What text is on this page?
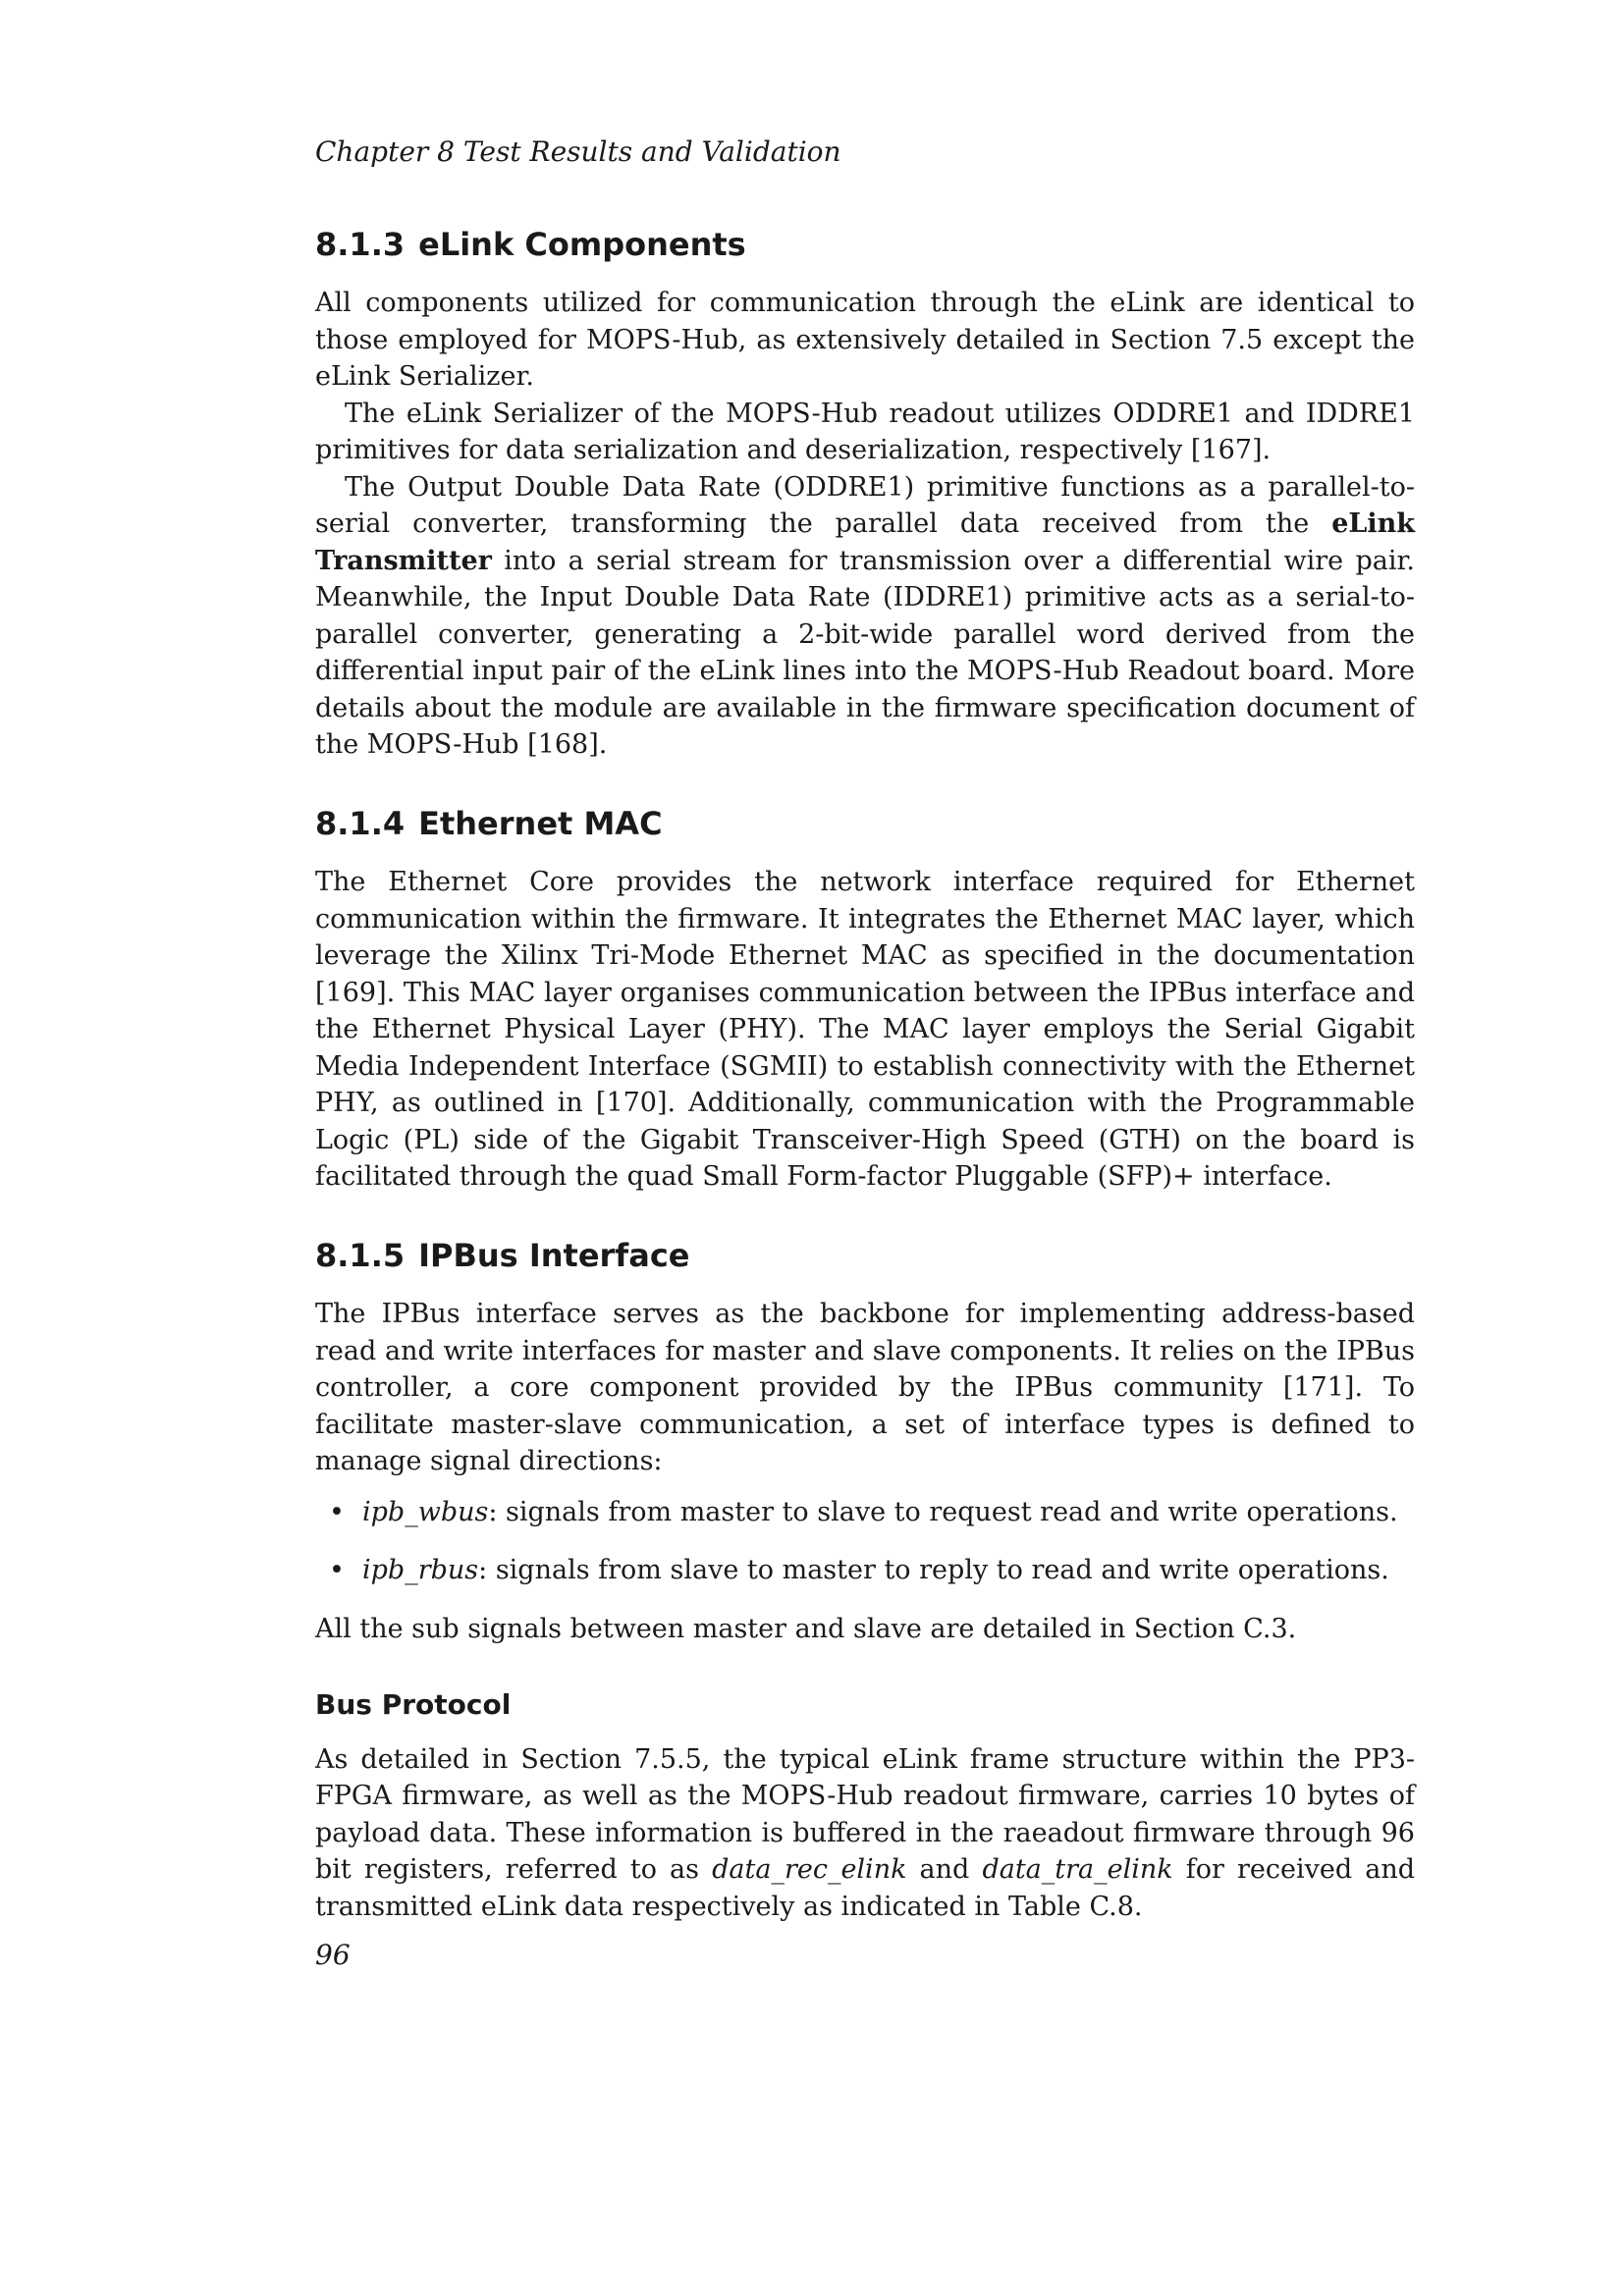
Chapter 8 Test Results and Validation
8.1.3 eLink Components

All components utilized for communication through the eLink are identical to those employed for MOPS-Hub, as extensively detailed in Section 7.5 except the eLink Serializer.

The eLink Serializer of the MOPS-Hub readout utilizes ODDRE1 and IDDRE1 primitives for data serialization and deserialization, respectively [167].

The Output Double Data Rate (ODDRE1) primitive functions as a parallel-to-serial converter, transforming the parallel data received from the eLink Transmitter into a serial stream for transmission over a differential wire pair. Meanwhile, the Input Double Data Rate (IDDRE1) primitive acts as a serial-to-parallel converter, generating a 2-bit-wide parallel word derived from the differential input pair of the eLink lines into the MOPS-Hub Readout board. More details about the module are available in the firmware specification document of the MOPS-Hub [168].

8.1.4 Ethernet MAC

The Ethernet Core provides the network interface required for Ethernet communication within the firmware. It integrates the Ethernet MAC layer, which leverage the Xilinx Tri-Mode Ethernet MAC as specified in the documentation [169]. This MAC layer organises communication between the IPBus interface and the Ethernet Physical Layer (PHY). The MAC layer employs the Serial Gigabit Media Independent Interface (SGMII) to establish connectivity with the Ethernet PHY, as outlined in [170]. Additionally, communication with the Programmable Logic (PL) side of the Gigabit Transceiver-High Speed (GTH) on the board is facilitated through the quad Small Form-factor Pluggable (SFP)+ interface.

8.1.5 IPBus Interface

The IPBus interface serves as the backbone for implementing address-based read and write interfaces for master and slave components. It relies on the IPBus controller, a core component provided by the IPBus community [171]. To facilitate master-slave communication, a set of interface types is defined to manage signal directions:

• ipb_wbus: signals from master to slave to request read and write operations.
• ipb_rbus: signals from slave to master to reply to read and write operations.

All the sub signals between master and slave are detailed in Section C.3.

Bus Protocol

As detailed in Section 7.5.5, the typical eLink frame structure within the PP3-FPGA firmware, as well as the MOPS-Hub readout firmware, carries 10 bytes of payload data. These information is buffered in the raeadout firmware through 96 bit registers, referred to as data_rec_elink and data_tra_elink for received and transmitted eLink data respectively as indicated in Table C.8.

96
